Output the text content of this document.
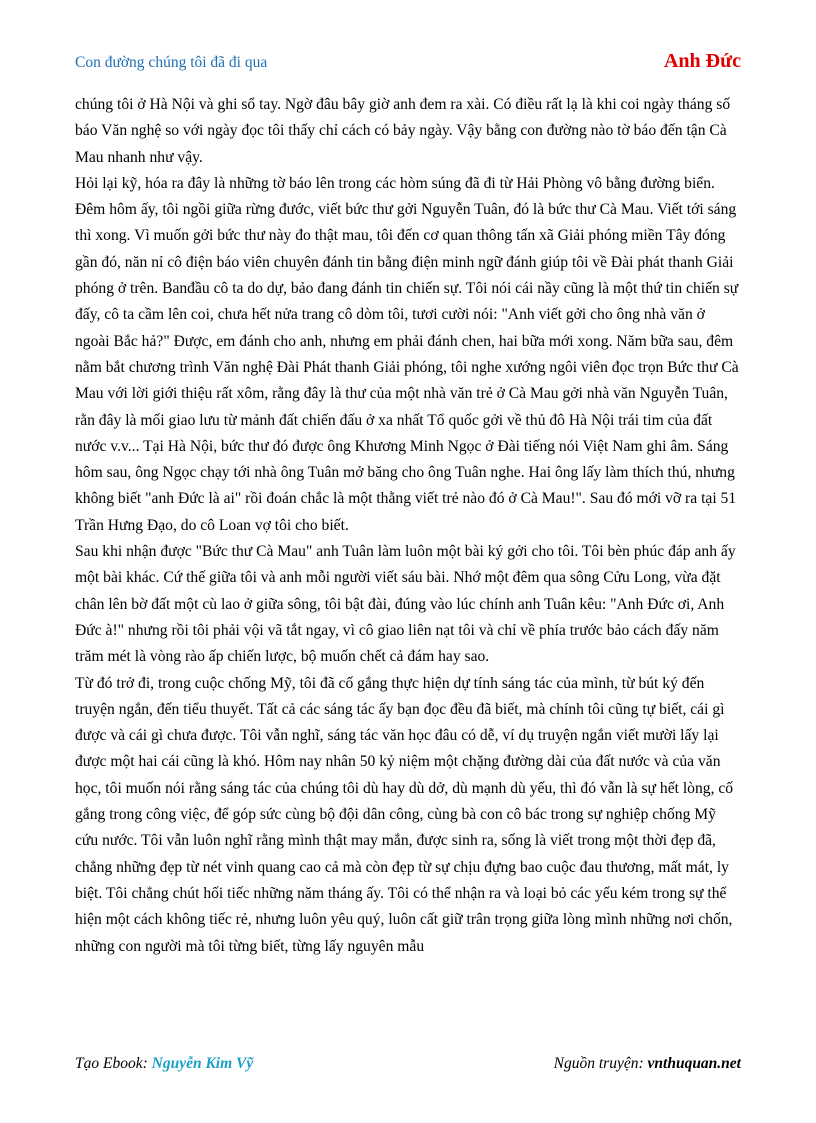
Con đường chúng tôi đã đi qua	Anh Đức

chúng tôi ở Hà Nội và ghi sổ tay. Ngờ đâu bây giờ anh đem ra xài. Có điều rất lạ là khi coi ngày tháng số báo Văn nghệ so với ngày đọc tôi thấy chỉ cách có bảy ngày. Vậy bằng con đường nào tờ báo đến tận Cà Mau nhanh như vậy.

Hỏi lại kỹ, hóa ra đây là những tờ báo lên trong các hòm súng đã đi từ Hải Phòng vô bằng đường biển. Đêm hôm ấy, tôi ngồi giữa rừng đước, viết bức thư gởi Nguyễn Tuân, đó là bức thư Cà Mau. Viết tới sáng thì xong. Vì muốn gởi bức thư này đo thật mau, tôi đến cơ quan thông tấn xã Giải phóng miền Tây đóng gần đó, năn nỉ cô điện báo viên chuyên đánh tin bằng điện minh ngữ đánh giúp tôi về Đài phát thanh Giải phóng ở trên. Banđầu cô ta do dự, bảo đang đánh tin chiến sự. Tôi nói cái nầy cũng là một thứ tin chiến sự đấy, cô ta cầm lên coi, chưa hết nửa trang cô dòm tôi, tươi cười nói: "Anh viết gởi cho ông nhà văn ở ngoài Bắc hả?" Được, em đánh cho anh, nhưng em phải đánh chen, hai bữa mới xong. Năm bữa sau, đêm nằm bắt chương trình Văn nghệ Đài Phát thanh Giải phóng, tôi nghe xướng ngôi viên đọc trọn Bức thư Cà Mau với lời giới thiệu rất xôm, rằng đây là thư của một nhà văn trẻ ở Cà Mau gởi nhà văn Nguyễn Tuân, rằn đây là mối giao lưu từ mảnh đất chiến đấu ở xa nhất Tổ quốc gởi về thủ đô Hà Nội trái tim của đất nước v.v... Tại Hà Nội, bức thư đó được ông Khương Minh Ngọc ở Đài tiếng nói Việt Nam ghi âm. Sáng hôm sau, ông Ngọc chạy tới nhà ông Tuân mở băng cho ông Tuân nghe. Hai ông lấy làm thích thú, nhưng không biết "anh Đức là ai" rồi đoán chắc là một thằng viết trẻ nào đó ở Cà Mau!". Sau đó mới vỡ ra tại 51 Trần Hưng Đạo, do cô Loan vợ tôi cho biết.

Sau khi nhận được "Bức thư Cà Mau" anh Tuân làm luôn một bài ký gởi cho tôi. Tôi bèn phúc đáp anh ấy một bài khác. Cứ thế giữa tôi và anh mỗi người viết sáu bài. Nhớ một đêm qua sông Cửu Long, vừa đặt chân lên bờ đất một cù lao ở giữa sông, tôi bật đài, đúng vào lúc chính anh Tuân kêu: "Anh Đức ơi, Anh Đức à!" nhưng rồi tôi phải vội vã tắt ngay, vì cô giao liên nạt tôi và chỉ về phía trước bảo cách đấy năm trăm mét là vòng rào ấp chiến lược, bộ muốn chết cả đám hay sao.

Từ đó trở đi, trong cuộc chống Mỹ, tôi đã cố gắng thực hiện dự tính sáng tác của mình, từ bút ký đến truyện ngắn, đến tiểu thuyết. Tất cả các sáng tác ấy bạn đọc đều đã biết, mà chính tôi cũng tự biết, cái gì được và cái gì chưa được. Tôi vẫn nghĩ, sáng tác văn học đâu có dễ, ví dụ truyện ngắn viết mười lấy lại được một hai cái cũng là khó. Hôm nay nhân 50 kỷ niệm một chặng đường dài của đất nước và của văn học, tôi muốn nói rằng sáng tác của chúng tôi dù hay dù dở, dù mạnh dù yếu, thì đó vẫn là sự hết lòng, cố gắng trong công việc, để góp sức cùng bộ đội dân công, cùng bà con cô bác trong sự nghiệp chống Mỹ cứu nước. Tôi vẫn luôn nghĩ rằng mình thật may mắn, được sinh ra, sống là viết trong một thời đẹp đã, chẳng những đẹp từ nét vinh quang cao cả mà còn đẹp từ sự chịu đựng bao cuộc đau thương, mất mát, ly biệt. Tôi chẳng chút hối tiếc những năm tháng ấy. Tôi có thể nhận ra và loại bỏ các yếu kém trong sự thể hiện một cách không tiếc rẻ, nhưng luôn yêu quý, luôn cất giữ trân trọng giữa lòng mình những nơi chốn, những con người mà tôi từng biết, từng lấy nguyên mẫu

Tạo Ebook: Nguyễn Kim Vỹ	Nguồn truyện: vnthuquan.net
